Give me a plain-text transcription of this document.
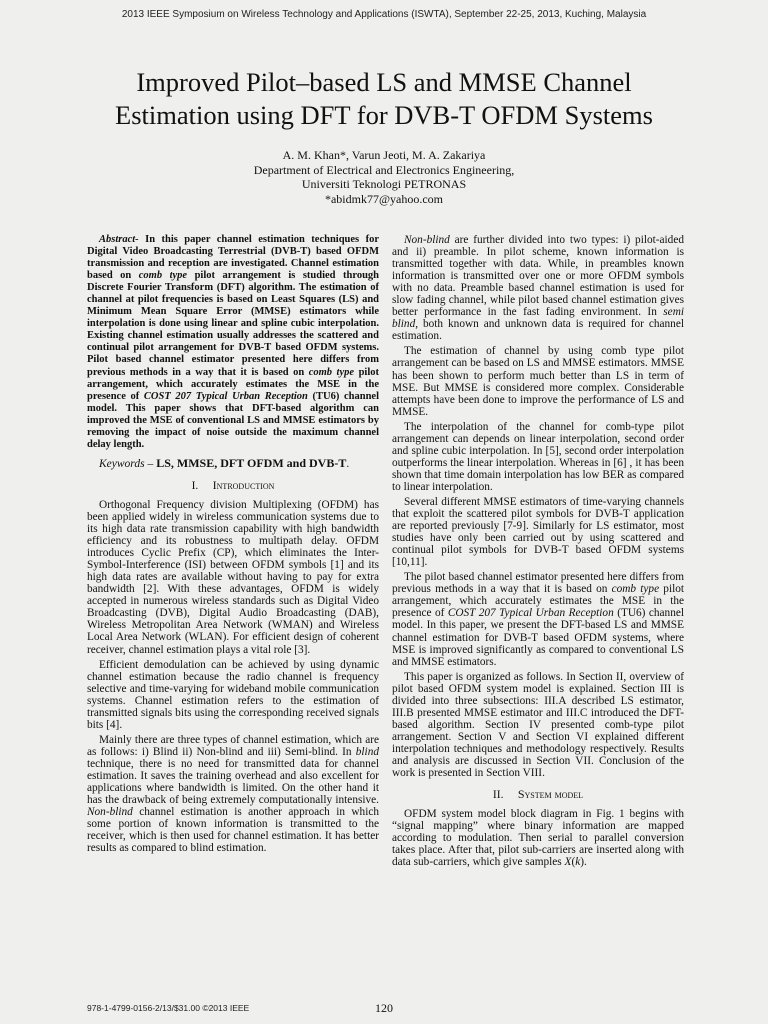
2013 IEEE Symposium on Wireless Technology and Applications (ISWTA), September 22-25, 2013, Kuching, Malaysia
Improved Pilot–based LS and MMSE Channel
Estimation using DFT for DVB-T OFDM Systems
A. M. Khan*, Varun Jeoti, M. A. Zakariya
Department of Electrical and Electronics Engineering,
Universiti Teknologi PETRONAS
*abidmk77@yahoo.com

Abstract- In this paper channel estimation techniques for Digital Video Broadcasting Terrestrial (DVB-T) based OFDM transmission and reception are investigated. Channel estimation based on comb type pilot arrangement is studied through Discrete Fourier Transform (DFT) algorithm. The estimation of channel at pilot frequencies is based on Least Squares (LS) and Minimum Mean Square Error (MMSE) estimators while interpolation is done using linear and spline cubic interpolation. Existing channel estimation usually addresses the scattered and continual pilot arrangement for DVB-T based OFDM systems. Pilot based channel estimator presented here differs from previous methods in a way that it is based on comb type pilot arrangement, which accurately estimates the MSE in the presence of COST 207 Typical Urban Reception (TU6) channel model. This paper shows that DFT-based algorithm can improved the MSE of conventional LS and MMSE estimators by removing the impact of noise outside the maximum channel delay length.

Keywords – LS, MMSE, DFT OFDM and DVB-T.

I. Introduction

Orthogonal Frequency division Multiplexing (OFDM) has been applied widely in wireless communication systems due to its high data rate transmission capability with high bandwidth efficiency and its robustness to multipath delay. OFDM introduces Cyclic Prefix (CP), which eliminates the Inter-Symbol-Interference (ISI) between OFDM symbols [1] and its high data rates are available without having to pay for extra bandwidth [2]. With these advantages, OFDM is widely accepted in numerous wireless standards such as Digital Video Broadcasting (DVB), Digital Audio Broadcasting (DAB), Wireless Metropolitan Area Network (WMAN) and Wireless Local Area Network (WLAN). For efficient design of coherent receiver, channel estimation plays a vital role [3].

Efficient demodulation can be achieved by using dynamic channel estimation because the radio channel is frequency selective and time-varying for wideband mobile communication systems. Channel estimation refers to the estimation of transmitted signals bits using the corresponding received signals bits [4].

Mainly there are three types of channel estimation, which are as follows: i) Blind ii) Non-blind and iii) Semi-blind. In blind technique, there is no need for transmitted data for channel estimation. It saves the training overhead and also excellent for applications where bandwidth is limited. On the other hand it has the drawback of being extremely computationally intensive. Non-blind channel estimation is another approach in which some portion of known information is transmitted to the receiver, which is then used for channel estimation. It has better results as compared to blind estimation.

Non-blind are further divided into two types: i) pilot-aided and ii) preamble. In pilot scheme, known information is transmitted together with data. While, in preambles known information is transmitted over one or more OFDM symbols with no data. Preamble based channel estimation is used for slow fading channel, while pilot based channel estimation gives better performance in the fast fading environment. In semi blind, both known and unknown data is required for channel estimation.

The estimation of channel by using comb type pilot arrangement can be based on LS and MMSE estimators. MMSE has been shown to perform much better than LS in term of MSE. But MMSE is considered more complex. Considerable attempts have been done to improve the performance of LS and MMSE.

The interpolation of the channel for comb-type pilot arrangement can depends on linear interpolation, second order and spline cubic interpolation. In [5], second order interpolation outperforms the linear interpolation. Whereas in [6] , it has been shown that time domain interpolation has low BER as compared to linear interpolation.

Several different MMSE estimators of time-varying channels that exploit the scattered pilot symbols for DVB-T application are reported previously [7-9]. Similarly for LS estimator, most studies have only been carried out by using scattered and continual pilot symbols for DVB-T based OFDM systems [10,11].

The pilot based channel estimator presented here differs from previous methods in a way that it is based on comb type pilot arrangement, which accurately estimates the MSE in the presence of COST 207 Typical Urban Reception (TU6) channel model. In this paper, we present the DFT-based LS and MMSE channel estimation for DVB-T based OFDM systems, where MSE is improved significantly as compared to conventional LS and MMSE estimators.

This paper is organized as follows. In Section II, overview of pilot based OFDM system model is explained. Section III is divided into three subsections: III.A described LS estimator, III.B presented MMSE estimator and III.C introduced the DFT-based algorithm. Section IV presented comb-type pilot arrangement. Section V and Section VI explained different interpolation techniques and methodology respectively. Results and analysis are discussed in Section VII. Conclusion of the work is presented in Section VIII.

II. System model

OFDM system model block diagram in Fig. 1 begins with “signal mapping” where binary information are mapped according to modulation. Then serial to parallel conversion takes place. After that, pilot sub-carriers are inserted along with data sub-carriers, which give samples X(k).

978-1-4799-0156-2/13/$31.00 ©2013 IEEE	120
